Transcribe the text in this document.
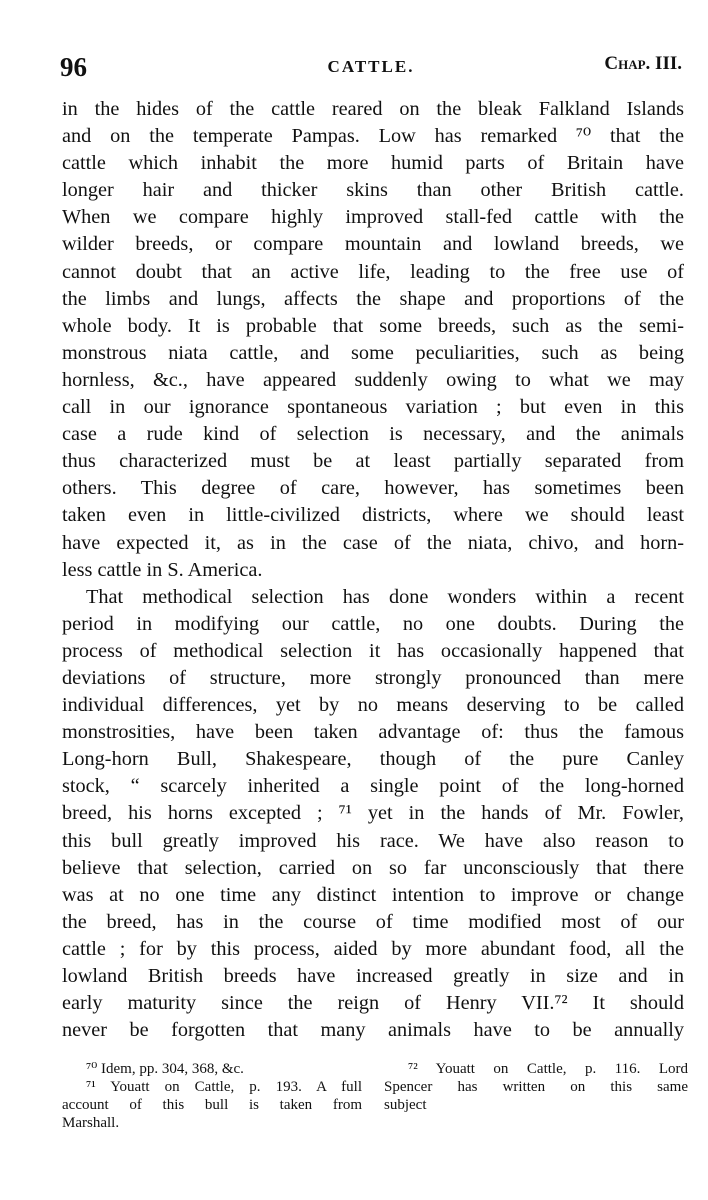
96	CATTLE.	Chap. III.
in the hides of the cattle reared on the bleak Falkland Islands
and on the temperate Pampas. Low has remarked ⁷⁰ that the
cattle which inhabit the more humid parts of Britain have
longer hair and thicker skins than other British cattle.
When we compare highly improved stall-fed cattle with the
wilder breeds, or compare mountain and lowland breeds, we
cannot doubt that an active life, leading to the free use of
the limbs and lungs, affects the shape and proportions of the
whole body. It is probable that some breeds, such as the semi-
monstrous niata cattle, and some peculiarities, such as being
hornless, &c., have appeared suddenly owing to what we may
call in our ignorance spontaneous variation ; but even in this
case a rude kind of selection is necessary, and the animals
thus characterized must be at least partially separated from
others. This degree of care, however, has sometimes been
taken even in little-civilized districts, where we should least
have expected it, as in the case of the niata, chivo, and horn-
less cattle in S. America.
That methodical selection has done wonders within a recent
period in modifying our cattle, no one doubts. During the
process of methodical selection it has occasionally happened that
deviations of structure, more strongly pronounced than mere
individual differences, yet by no means deserving to be called
monstrosities, have been taken advantage of: thus the famous
Long-horn Bull, Shakespeare, though of the pure Canley
stock, “ scarcely inherited a single point of the long-horned
breed, his horns excepted ; ⁷¹ yet in the hands of Mr. Fowler,
this bull greatly improved his race. We have also reason to
believe that selection, carried on so far unconsciously that there
was at no one time any distinct intention to improve or change
the breed, has in the course of time modified most of our
cattle ; for by this process, aided by more abundant food, all the
lowland British breeds have increased greatly in size and in
early maturity since the reign of Henry VII.⁷² It should
never be forgotten that many animals have to be annually
⁷⁰ Idem, pp. 304, 368, &c.
⁷¹ Youatt on Cattle, p. 193. A full
account of this bull is taken from
Marshall.
⁷² Youatt on Cattle, p. 116. Lord
Spencer has written on this same
subject
